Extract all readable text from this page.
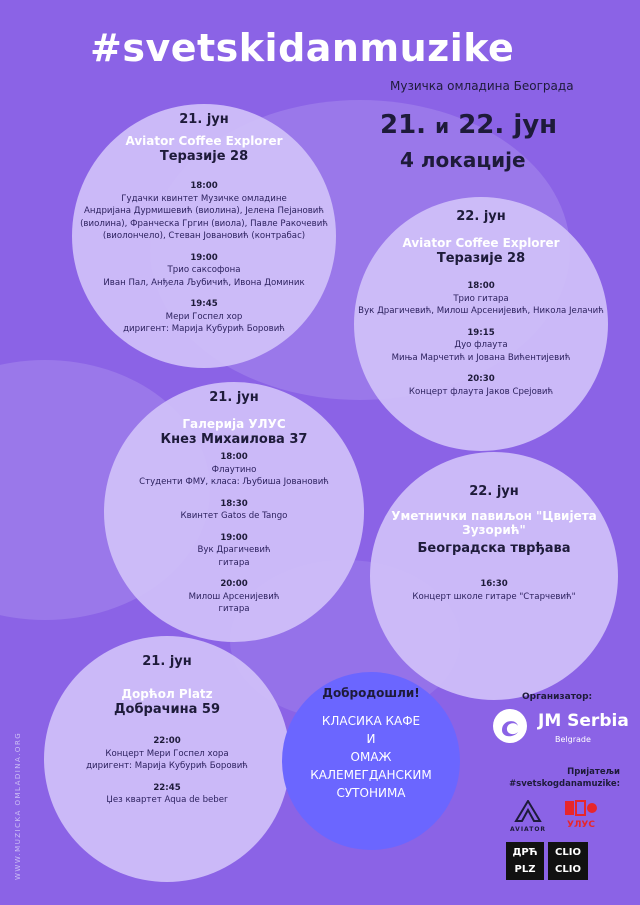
#svetskidanmuzike
Музичка омладина Београда
21. и 22. јун
4 локације
21. јун
Aviator Coffee Explorer
Теразије 28
18:00
Гудачки квинтет Музичке омладине
Андријана Дурмишевић (виолина), Јелена Пејановић
(виолина), Франческа Гргин (виола), Павле Ракочевић
(виолончело), Стеван Јовановић (контрабас)
19:00
Трио саксофона
Иван Пал, Анђела Љубичић, Ивона Доминик
19:45
Мери Госпел хор
диригент: Марија Кубурић Боровић
22. јун
Aviator Coffee Explorer
Теразије 28
18:00
Трио гитара
Вук Драгичевић, Милош Арсенијевић, Никола Јелачић
19:15
Дуо флаута
Миња Марчетић и Јована Вићентијевић
20:30
Концерт флаута Јаков Срејовић
21. јун
Галерија УЛУС
Кнез Михаилова 37
18:00
Флаутино
Студенти ФМУ, класа: Љубиша Јовановић
18:30
Квинтет Gatos de Tango
19:00
Вук Драгичевић
гитара
20:00
Милош Арсенијевић
гитара
22. јун
Уметнички павиљон "Цвијета Зузорић"
Београдска тврђава
16:30
Концерт школе гитаре "Старчевић"
21. јун
Дорћол Platz
Добрачина 59
22:00
Концерт Мери Госпел хора
диригент: Марија Кубурић Боровић
22:45
Џез квартет Aqua de beber
Добродошли!
КЛАСИКА КАФЕ
И
ОМАЖ
КАЛЕМЕГДАНСКИМ
СУТОНИМА
WWW.MUZICKA OMLADINA.ORG
Организатор:
JM Serbia
Belgrade
Пријатељи
#svetskogdanamuzike:
AVIATOR	УЛУС
ДРЋ PLZ
CLIO CLIO
